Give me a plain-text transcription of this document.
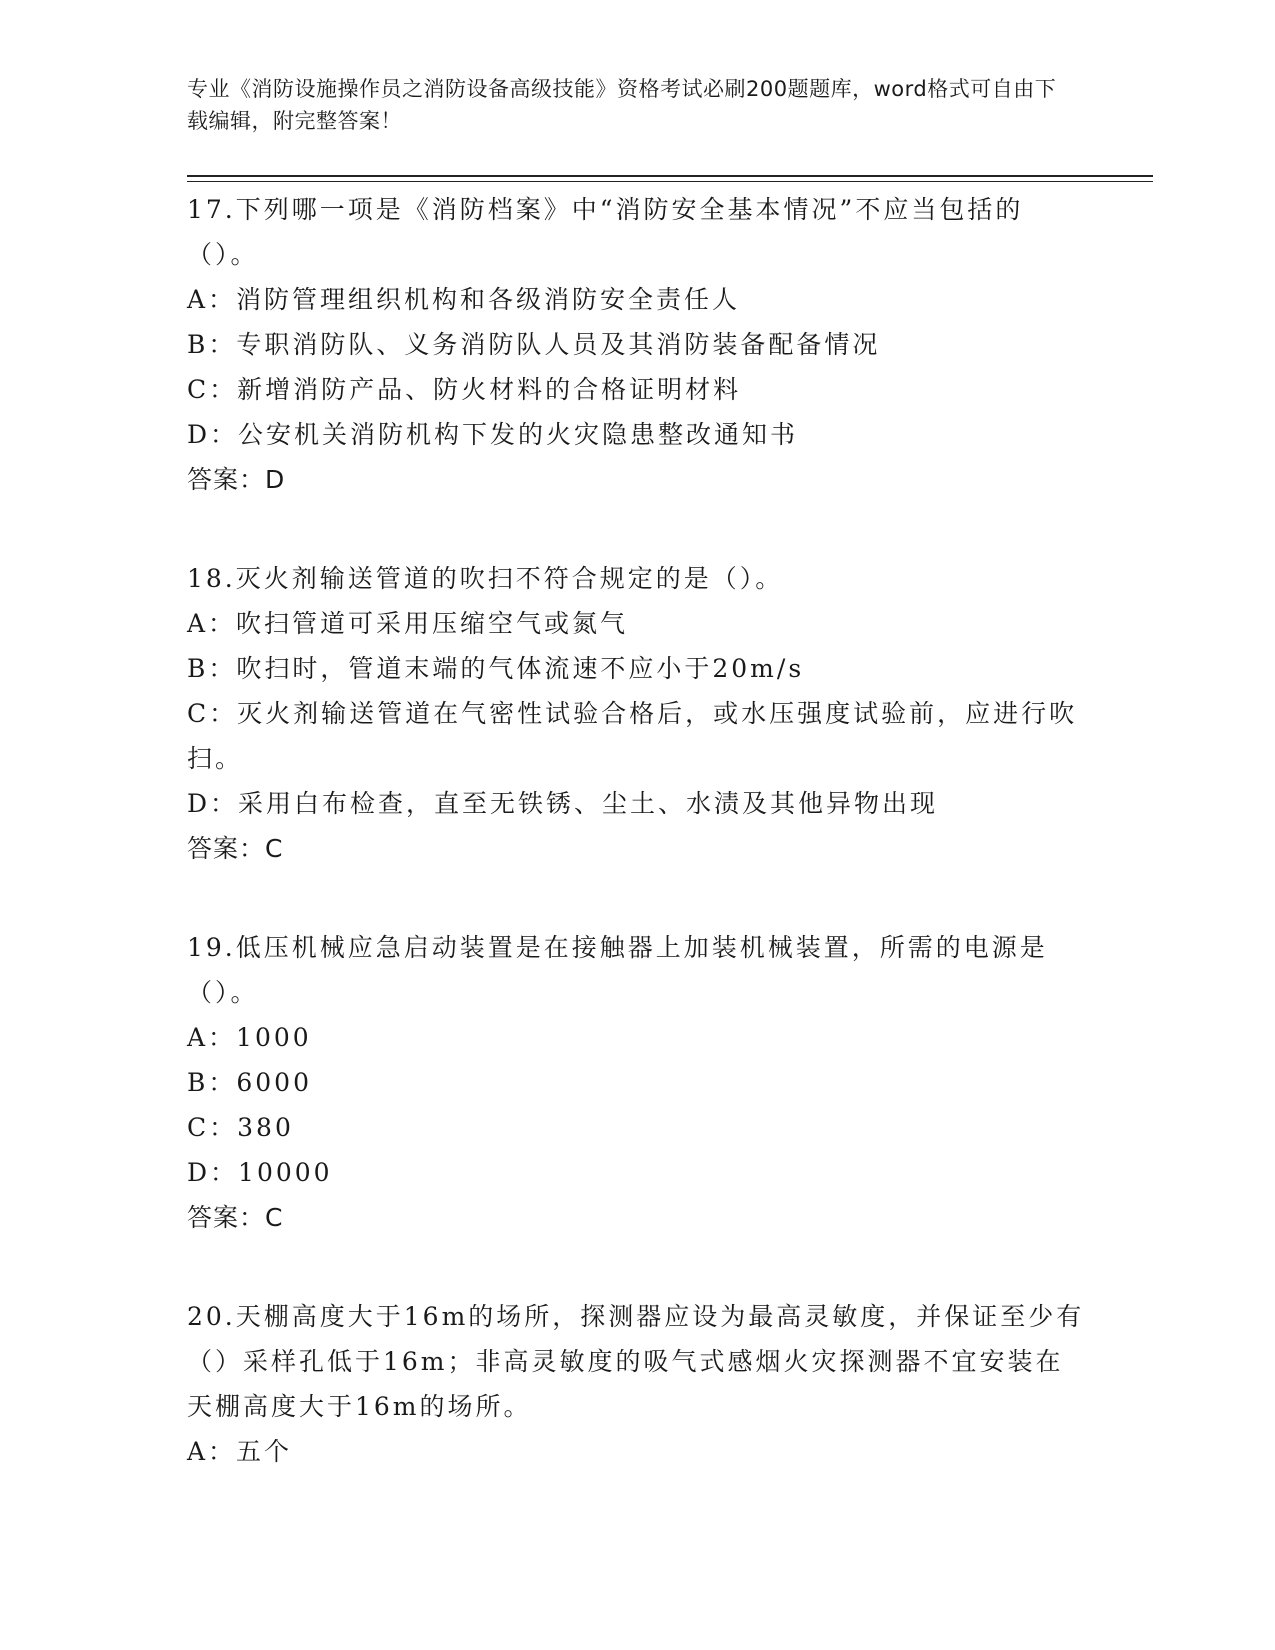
专业《消防设施操作员之消防设备高级技能》资格考试必刷200题题库，word格式可自由下载编辑，附完整答案！

17.下列哪一项是《消防档案》中“消防安全基本情况”不应当包括的（）。

A：消防管理组织机构和各级消防安全责任人

B：专职消防队、义务消防队人员及其消防装备配备情况

C：新增消防产品、防火材料的合格证明材料

D：公安机关消防机构下发的火灾隐患整改通知书

答案：D

18.灭火剂输送管道的吹扫不符合规定的是（）。

A：吹扫管道可采用压缩空气或氮气

B：吹扫时，管道末端的气体流速不应小于20m/s

C：灭火剂输送管道在气密性试验合格后，或水压强度试验前，应进行吹扫。

D：采用白布检查，直至无铁锈、尘土、水渍及其他异物出现

答案：C

19.低压机械应急启动装置是在接触器上加装机械装置，所需的电源是（）。

A：1000

B：6000

C：380

D：10000

答案：C

20.天棚高度大于16m的场所，探测器应设为最高灵敏度，并保证至少有（）采样孔低于16m；非高灵敏度的吸气式感烟火灾探测器不宜安装在天棚高度大于16m的场所。

A：五个
